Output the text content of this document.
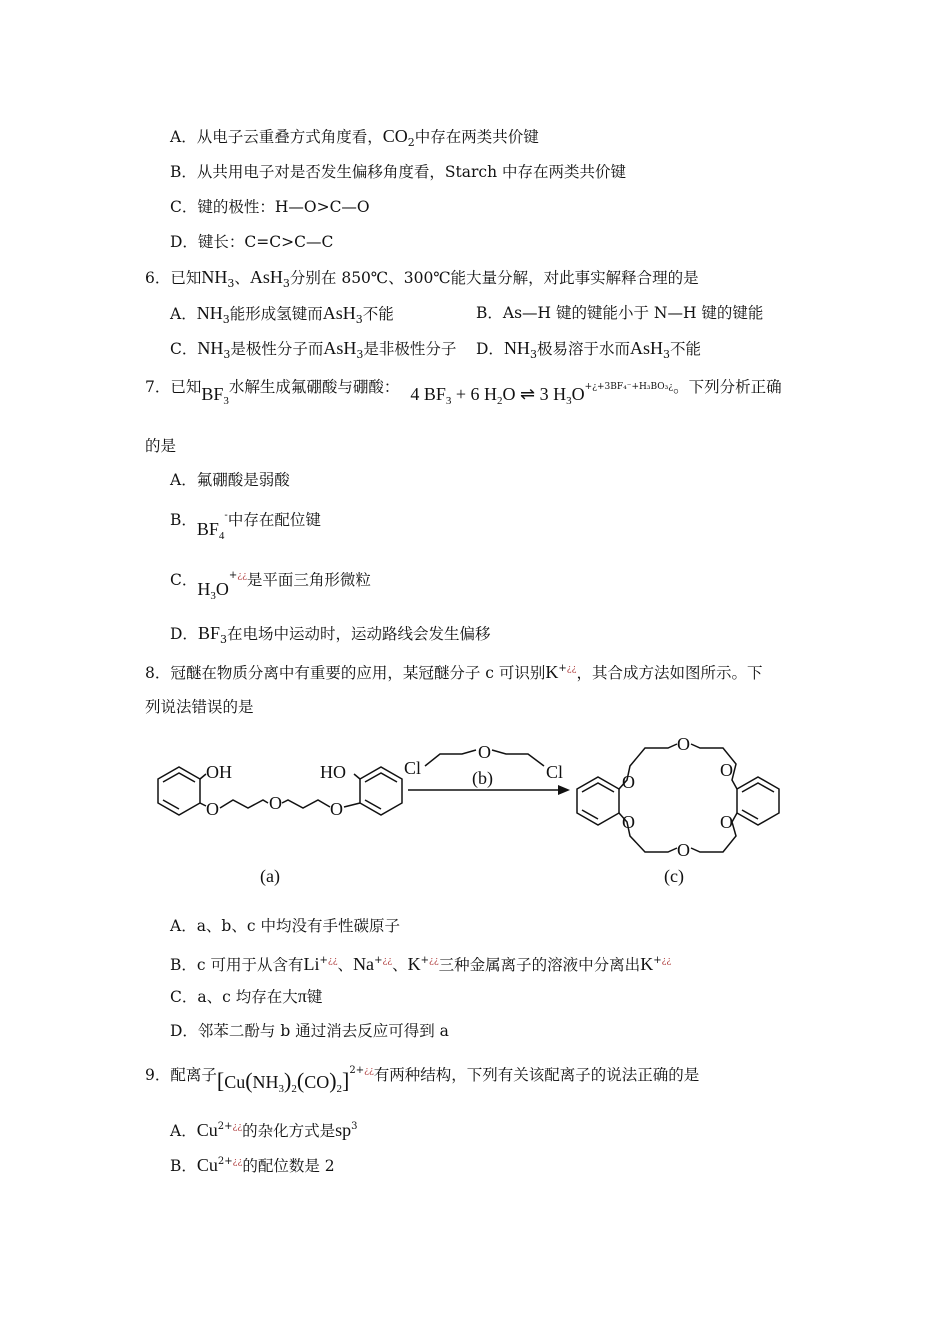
A．从电子云重叠方式角度看，$CO_2$中存在两类共价键
B．从共用电子对是否发生偏移角度看，Starch 中存在两类共价键
C．键的极性：H—O>C—O
D．键长：C=C>C—C
6．已知$NH_3$、AsH$_3$分别在 850℃、300℃能大量分解，对此事实解释合理的是
A．$NH_3$能形成氢键而AsH$_3$不能	B．As—H 键的键能小于 N—H 键的键能
C．$NH_3$是极性分子而AsH$_3$是非极性分子 D．$NH_3$极易溶于水而AsH$_3$不能
7．已知$BF_3$水解生成氟硼酸与硼酸： 4 $BF_3 + 6$ $H_2O$ ⇌ 3 $H_3O+¿+3BF_4^-+H_3BO_3¿$。下列分析正确
的是
A．氟硼酸是弱酸
B．$BF_4^-$中存在配位键
C．$H_3O^{+¿¿}$是平面三角形微粒
D．$BF_3$在电场中运动时，运动路线会发生偏移
8．冠醚在物质分离中有重要的应用，某冠醚分子 c 可识别K+¿¿，其合成方法如图所示。下
列说法错误的是
OH
O	O	O
HO
(a)
Cl
O
Cl
(b)	O
O
O
O
O
O
(c)
A．a、b、c 中均没有手性碳原子
B．c 可用于从含有Li+¿¿、Na+¿¿、K+¿¿三种金属离子的溶液中分离出K+¿¿
C．a、c 均存在大π键
D．邻苯二酚与 b 通过消去反应可得到 a
9．配离子$[Cu(NH_3)_2(CO)_2]^{2+¿¿}$有两种结构，下列有关该配离子的说法正确的是
A．$Cu^{2+¿¿}$的杂化方式是$sp^3$
B．$Cu^{2+¿¿}$的配位数是 2
